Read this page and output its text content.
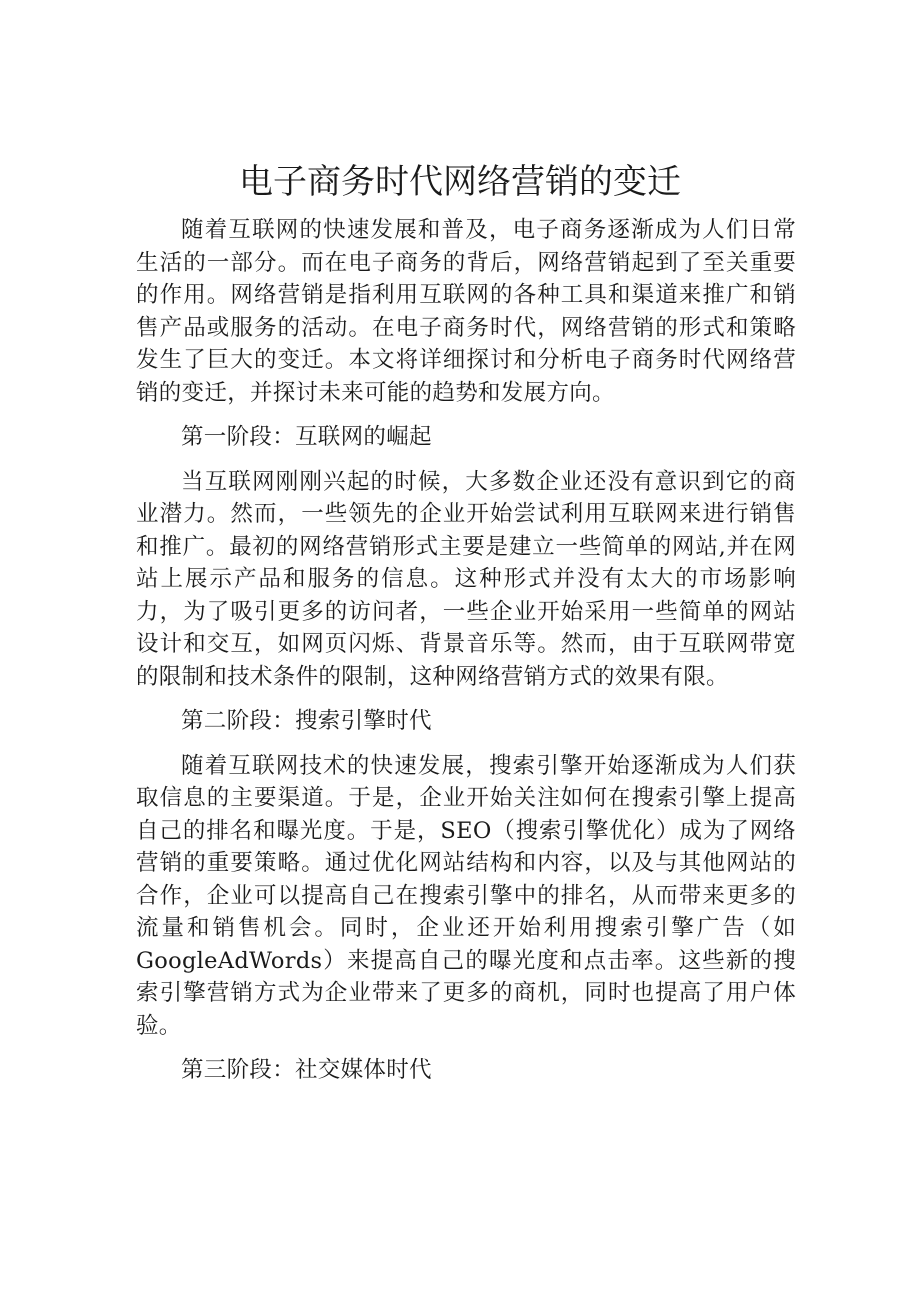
电子商务时代网络营销的变迁

随着互联网的快速发展和普及，电子商务逐渐成为人们日常生活的一部分。而在电子商务的背后，网络营销起到了至关重要的作用。网络营销是指利用互联网的各种工具和渠道来推广和销售产品或服务的活动。在电子商务时代，网络营销的形式和策略发生了巨大的变迁。本文将详细探讨和分析电子商务时代网络营销的变迁，并探讨未来可能的趋势和发展方向。

第一阶段：互联网的崛起

当互联网刚刚兴起的时候，大多数企业还没有意识到它的商业潜力。然而，一些领先的企业开始尝试利用互联网来进行销售和推广。最初的网络营销形式主要是建立一些简单的网站,并在网站上展示产品和服务的信息。这种形式并没有太大的市场影响力，为了吸引更多的访问者，一些企业开始采用一些简单的网站设计和交互，如网页闪烁、背景音乐等。然而，由于互联网带宽的限制和技术条件的限制，这种网络营销方式的效果有限。

第二阶段：搜索引擎时代

随着互联网技术的快速发展，搜索引擎开始逐渐成为人们获取信息的主要渠道。于是，企业开始关注如何在搜索引擎上提高自己的排名和曝光度。于是，SEO（搜索引擎优化）成为了网络营销的重要策略。通过优化网站结构和内容，以及与其他网站的合作，企业可以提高自己在搜索引擎中的排名，从而带来更多的流量和销售机会。同时，企业还开始利用搜索引擎广告（如GoogleAdWords）来提高自己的曝光度和点击率。这些新的搜索引擎营销方式为企业带来了更多的商机，同时也提高了用户体验。

第三阶段：社交媒体时代
